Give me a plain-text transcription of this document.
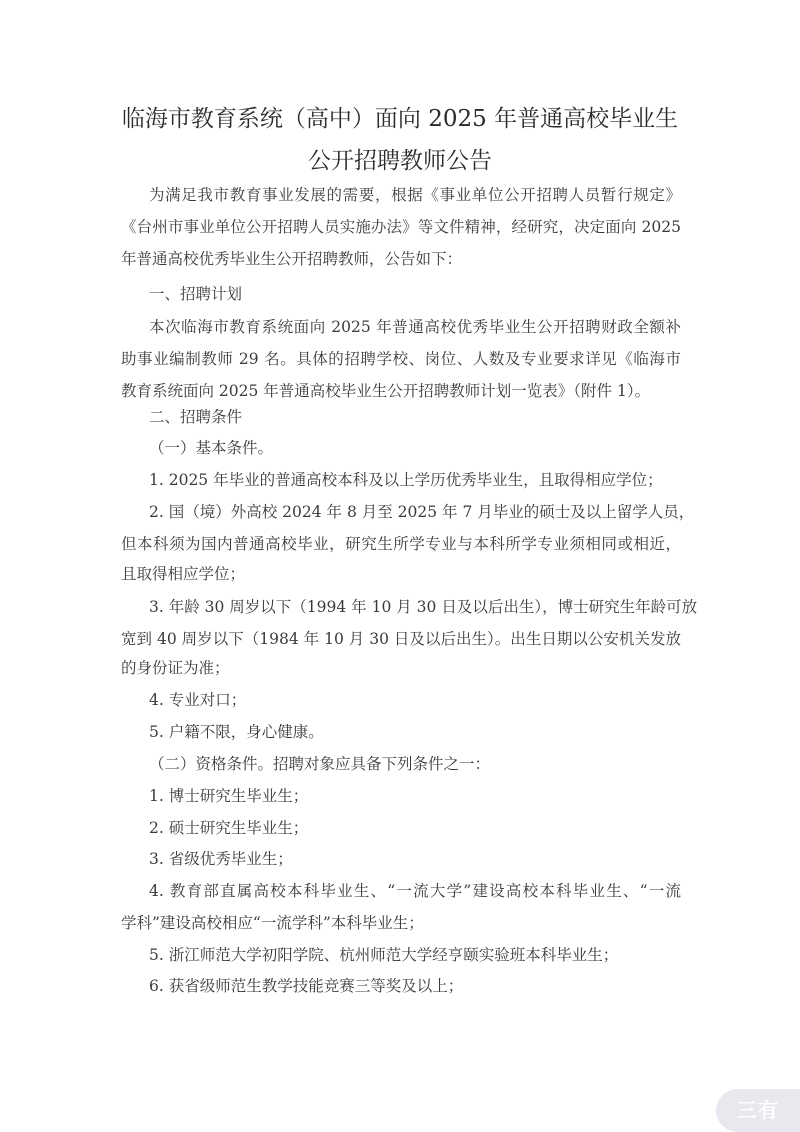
临海市教育系统（高中）面向 2025 年普通高校毕业生
公开招聘教师公告
为满足我市教育事业发展的需要，根据《事业单位公开招聘人员暂行规定》
《台州市事业单位公开招聘人员实施办法》等文件精神，经研究，决定面向 2025
年普通高校优秀毕业生公开招聘教师，公告如下：
一、招聘计划
本次临海市教育系统面向 2025 年普通高校优秀毕业生公开招聘财政全额补
助事业编制教师 29 名。具体的招聘学校、岗位、人数及专业要求详见《临海市
教育系统面向 2025 年普通高校毕业生公开招聘教师计划一览表》（附件 1）。
二、招聘条件
（一）基本条件。
1. 2025 年毕业的普通高校本科及以上学历优秀毕业生，且取得相应学位；
2. 国（境）外高校 2024 年 8 月至 2025 年 7 月毕业的硕士及以上留学人员，
但本科须为国内普通高校毕业，研究生所学专业与本科所学专业须相同或相近，
且取得相应学位；
3. 年龄 30 周岁以下（1994 年 10 月 30 日及以后出生），博士研究生年龄可放
宽到 40 周岁以下（1984 年 10 月 30 日及以后出生）。出生日期以公安机关发放
的身份证为准；
4. 专业对口；
5. 户籍不限，身心健康。
（二）资格条件。招聘对象应具备下列条件之一：
1. 博士研究生毕业生；
2. 硕士研究生毕业生；
3. 省级优秀毕业生；
4. 教育部直属高校本科毕业生、“一流大学”建设高校本科毕业生、“一流
学科”建设高校相应“一流学科”本科毕业生；
5. 浙江师范大学初阳学院、杭州师范大学经亨颐实验班本科毕业生；
6. 获省级师范生教学技能竞赛三等奖及以上；
三有
